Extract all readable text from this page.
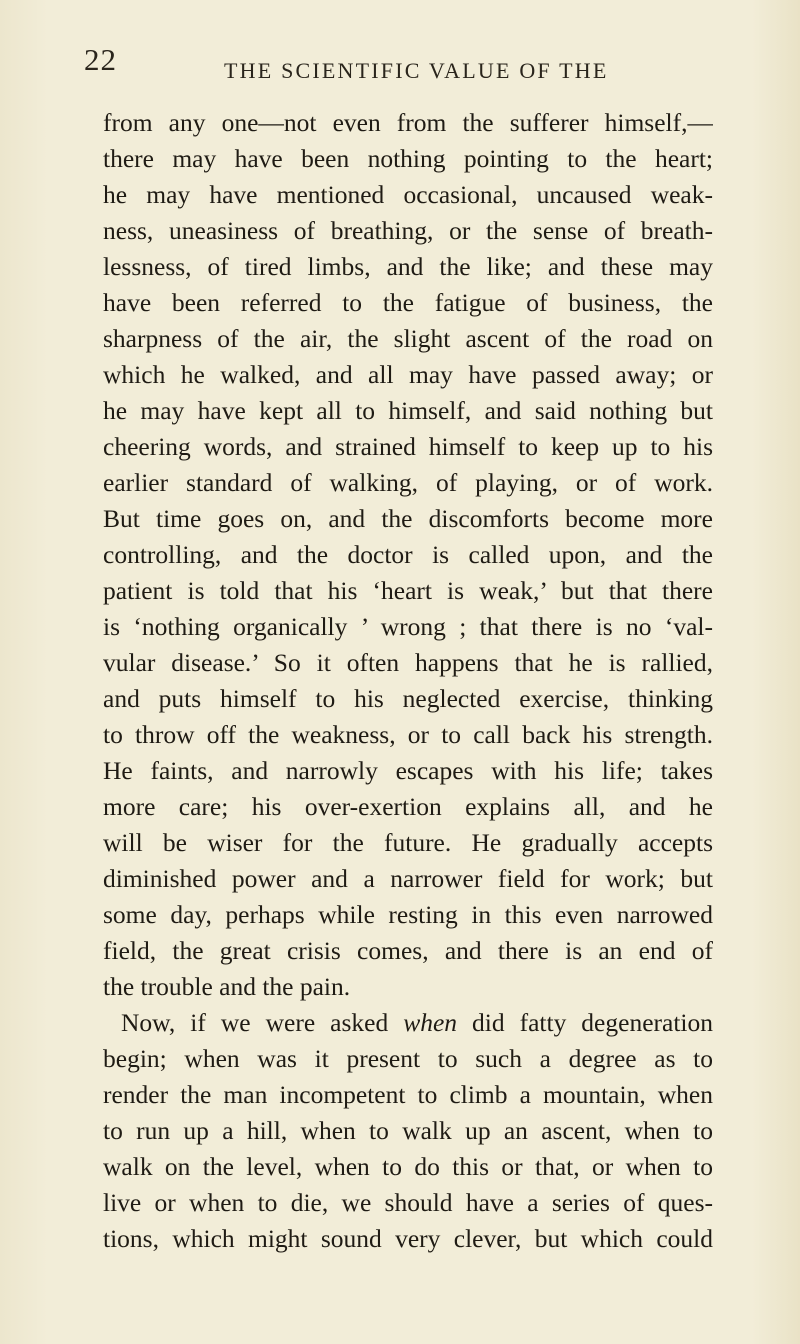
22	THE SCIENTIFIC VALUE OF THE
from any one—not even from the sufferer himself,—
there may have been nothing pointing to the heart;
he may have mentioned occasional, uncaused weak-
ness, uneasiness of breathing, or the sense of breath-
lessness, of tired limbs, and the like; and these may
have been referred to the fatigue of business, the
sharpness of the air, the slight ascent of the road on
which he walked, and all may have passed away; or
he may have kept all to himself, and said nothing but
cheering words, and strained himself to keep up to his
earlier standard of walking, of playing, or of work.
But time goes on, and the discomforts become more
controlling, and the doctor is called upon, and the
patient is told that his ‘heart is weak,’ but that there
is ‘nothing organically ’ wrong ; that there is no ‘val-
vular disease.’ So it often happens that he is rallied,
and puts himself to his neglected exercise, thinking
to throw off the weakness, or to call back his strength.
He faints, and narrowly escapes with his life; takes
more care; his over-exertion explains all, and he
will be wiser for the future. He gradually accepts
diminished power and a narrower field for work; but
some day, perhaps while resting in this even narrowed
field, the great crisis comes, and there is an end of
the trouble and the pain.
Now, if we were asked when did fatty degeneration
begin; when was it present to such a degree as to
render the man incompetent to climb a mountain, when
to run up a hill, when to walk up an ascent, when to
walk on the level, when to do this or that, or when to
live or when to die, we should have a series of ques-
tions, which might sound very clever, but which could
